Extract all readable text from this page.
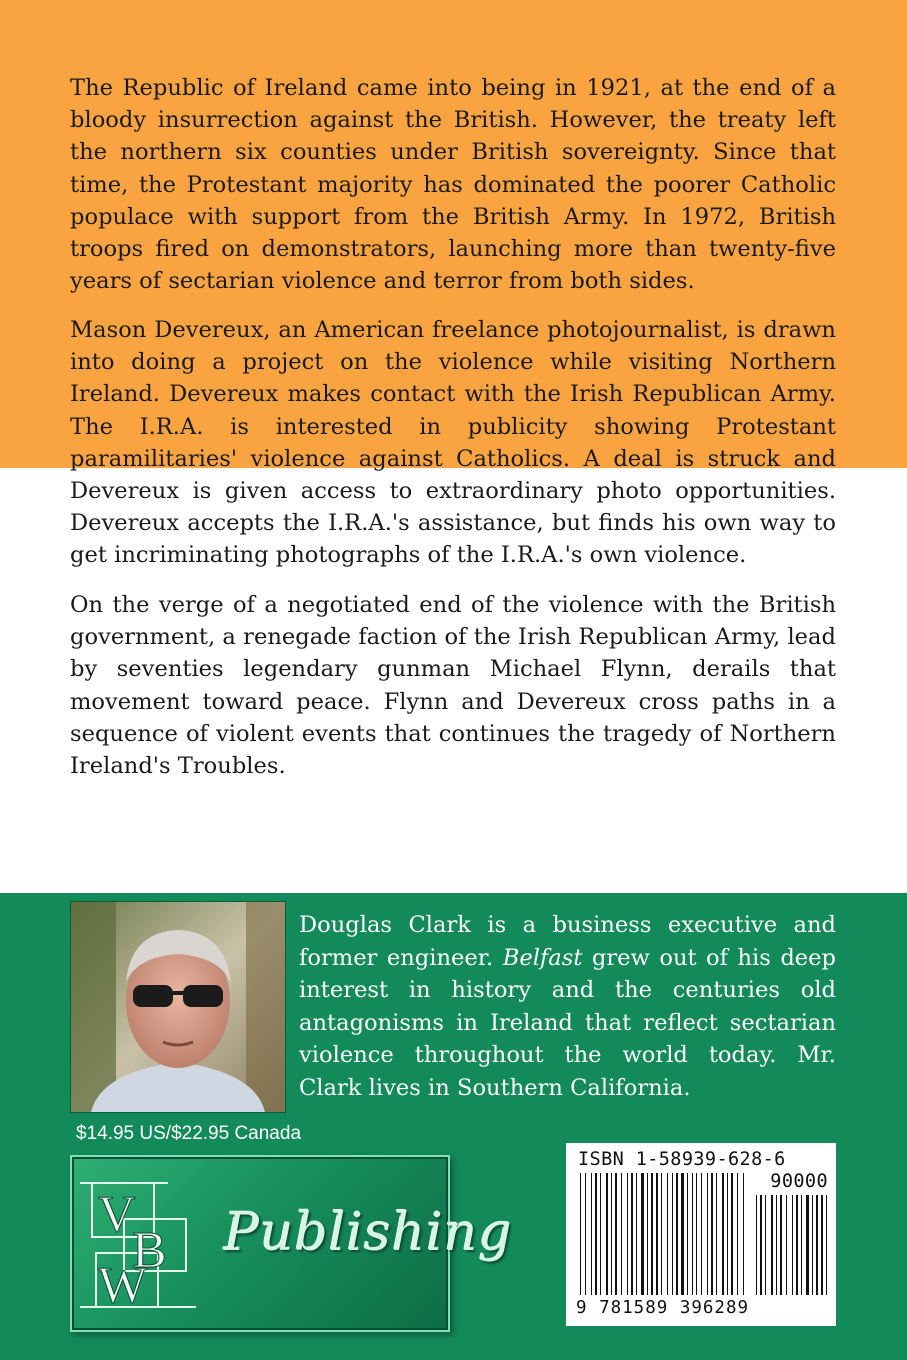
The Republic of Ireland came into being in 1921, at the end of a bloody insurrection against the British. However, the treaty left the northern six counties under British sovereignty. Since that time, the Protestant majority has dominated the poorer Catholic populace with support from the British Army. In 1972, British troops fired on demonstrators, launching more than twenty-five years of sectarian violence and terror from both sides.

Mason Devereux, an American freelance photojournalist, is drawn into doing a project on the violence while visiting Northern Ireland. Devereux makes contact with the Irish Republican Army. The I.R.A. is interested in publicity showing Protestant paramilitaries' violence against Catholics. A deal is struck and Devereux is given access to extraordinary photo opportunities. Devereux accepts the I.R.A.'s assistance, but finds his own way to get incriminating photographs of the I.R.A.'s own violence.

On the verge of a negotiated end of the violence with the British government, a renegade faction of the Irish Republican Army, lead by seventies legendary gunman Michael Flynn, derails that movement toward peace. Flynn and Devereux cross paths in a sequence of violent events that continues the tragedy of Northern Ireland's Troubles.

Douglas Clark is a business executive and former engineer. Belfast grew out of his deep interest in history and the centuries old antagonisms in Ireland that reflect sectarian violence throughout the world today. Mr. Clark lives in Southern California.

$14.95 US/$22.95 Canada
V
B
W
Publishing
ISBN 1-58939-628-6
90000
9 781589 396289
